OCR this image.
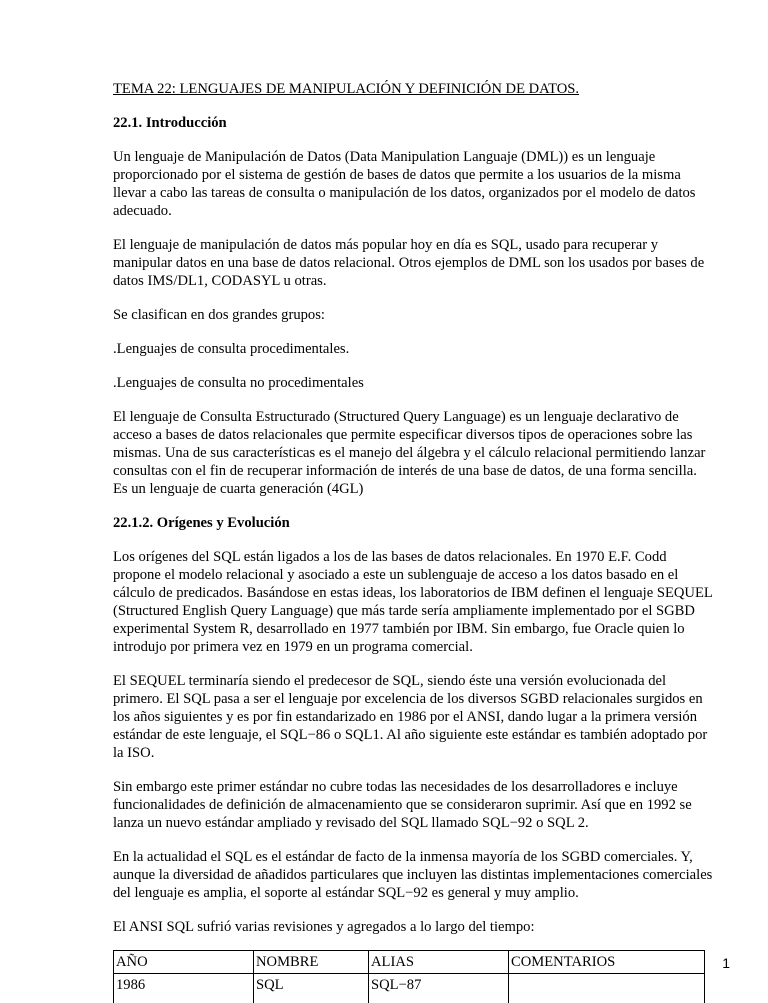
TEMA 22: LENGUAJES DE MANIPULACIÓN Y DEFINICIÓN DE DATOS.
22.1. Introducción
Un lenguaje de Manipulación de Datos (Data Manipulation Languaje (DML)) es un lenguaje proporcionado por el sistema de gestión de bases de datos que permite a los usuarios de la misma llevar a cabo las tareas de consulta o manipulación de los datos, organizados por el modelo de datos adecuado.
El lenguaje de manipulación de datos más popular hoy en día es SQL, usado para recuperar y manipular datos en una base de datos relacional. Otros ejemplos de DML son los usados por bases de datos IMS/DL1, CODASYL u otras.
Se clasifican en dos grandes grupos:
.Lenguajes de consulta procedimentales.
.Lenguajes de consulta no procedimentales
El lenguaje de Consulta Estructurado (Structured Query Language) es un lenguaje declarativo de acceso a bases de datos relacionales que permite especificar diversos tipos de operaciones sobre las mismas. Una de sus características es el manejo del álgebra y el cálculo relacional permitiendo lanzar consultas con el fin de recuperar información de interés de una base de datos, de una forma sencilla. Es un lenguaje de cuarta generación (4GL)
22.1.2. Orígenes y Evolución
Los orígenes del SQL están ligados a los de las bases de datos relacionales. En 1970 E.F. Codd propone el modelo relacional y asociado a este un sublenguaje de acceso a los datos basado en el cálculo de predicados. Basándose en estas ideas, los laboratorios de IBM definen el lenguaje SEQUEL (Structured English Query Language) que más tarde sería ampliamente implementado por el SGBD experimental System R, desarrollado en 1977 también por IBM. Sin embargo, fue Oracle quien lo introdujo por primera vez en 1979 en un programa comercial.
El SEQUEL terminaría siendo el predecesor de SQL, siendo éste una versión evolucionada del primero. El SQL pasa a ser el lenguaje por excelencia de los diversos SGBD relacionales surgidos en los años siguientes y es por fin estandarizado en 1986 por el ANSI, dando lugar a la primera versión estándar de este lenguaje, el SQL−86 o SQL1. Al año siguiente este estándar es también adoptado por la ISO.
Sin embargo este primer estándar no cubre todas las necesidades de los desarrolladores e incluye funcionalidades de definición de almacenamiento que se consideraron suprimir. Así que en 1992 se lanza un nuevo estándar ampliado y revisado del SQL llamado SQL−92 o SQL 2.
En la actualidad el SQL es el estándar de facto de la inmensa mayoría de los SGBD comerciales. Y, aunque la diversidad de añadidos particulares que incluyen las distintas implementaciones comerciales del lenguaje es amplia, el soporte al estándar SQL−92 es general y muy amplio.
El ANSI SQL sufrió varias revisiones y agregados a lo largo del tiempo:
AÑO	NOMBRE	ALIAS	COMENTARIOS
1986	SQL	SQL−87	
1
